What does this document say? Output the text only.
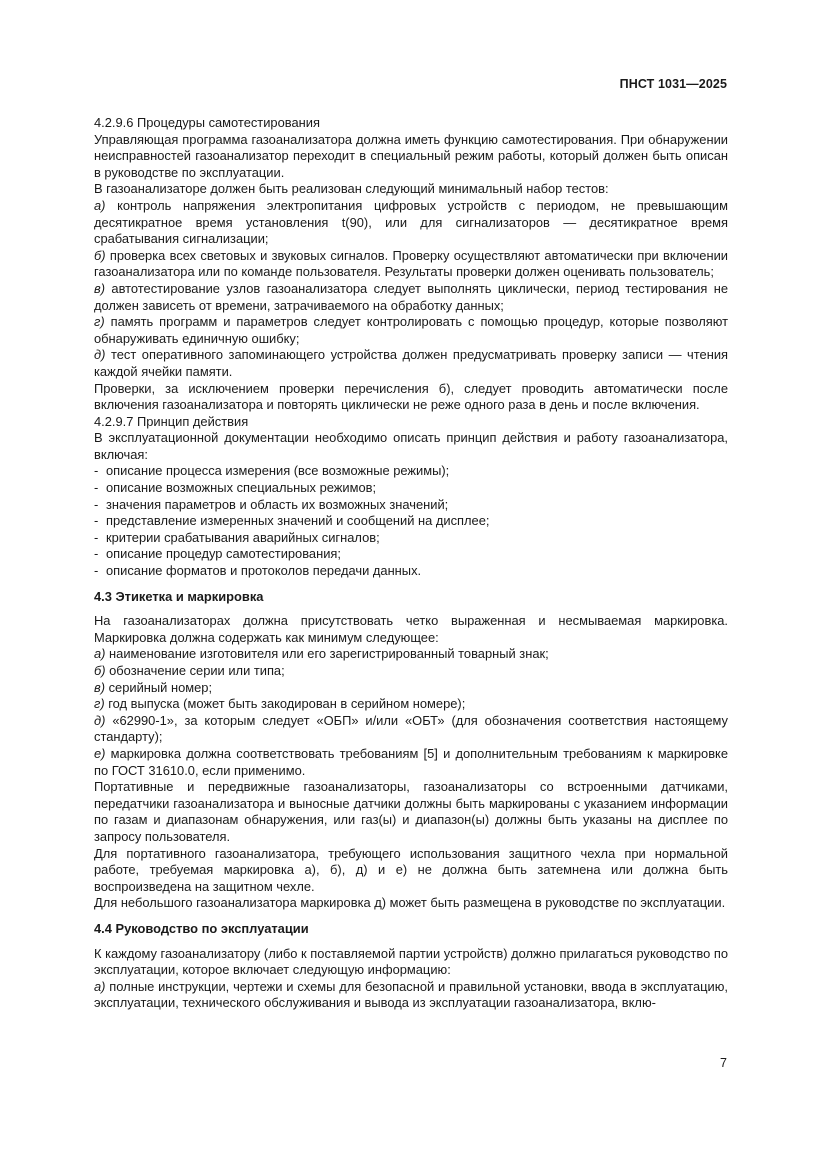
ПНСТ 1031—2025
4.2.9.6 Процедуры самотестирования
Управляющая программа газоанализатора должна иметь функцию самотестирования. При обнаружении неисправностей газоанализатор переходит в специальный режим работы, который должен быть описан в руководстве по эксплуатации.
В газоанализаторе должен быть реализован следующий минимальный набор тестов:
а) контроль напряжения электропитания цифровых устройств с периодом, не превышающим десятикратное время установления t(90), или для сигнализаторов — десятикратное время срабатывания сигнализации;
б) проверка всех световых и звуковых сигналов. Проверку осуществляют автоматически при включении газоанализатора или по команде пользователя. Результаты проверки должен оценивать пользователь;
в) автотестирование узлов газоанализатора следует выполнять циклически, период тестирования не должен зависеть от времени, затрачиваемого на обработку данных;
г) память программ и параметров следует контролировать с помощью процедур, которые позволяют обнаруживать единичную ошибку;
д) тест оперативного запоминающего устройства должен предусматривать проверку записи — чтения каждой ячейки памяти.
Проверки, за исключением проверки перечисления б), следует проводить автоматически после включения газоанализатора и повторять циклически не реже одного раза в день и после включения.
4.2.9.7 Принцип действия
В эксплуатационной документации необходимо описать принцип действия и работу газоанализатора, включая:
- описание процесса измерения (все возможные режимы);
- описание возможных специальных режимов;
- значения параметров и область их возможных значений;
- представление измеренных значений и сообщений на дисплее;
- критерии срабатывания аварийных сигналов;
- описание процедур самотестирования;
- описание форматов и протоколов передачи данных.
4.3 Этикетка и маркировка
На газоанализаторах должна присутствовать четко выраженная и несмываемая маркировка. Маркировка должна содержать как минимум следующее:
а) наименование изготовителя или его зарегистрированный товарный знак;
б) обозначение серии или типа;
в) серийный номер;
г) год выпуска (может быть закодирован в серийном номере);
д) «62990-1», за которым следует «ОБП» и/или «ОБТ» (для обозначения соответствия настоящему стандарту);
е) маркировка должна соответствовать требованиям [5] и дополнительным требованиям к маркировке по ГОСТ 31610.0, если применимо.
Портативные и передвижные газоанализаторы, газоанализаторы со встроенными датчиками, передатчики газоанализатора и выносные датчики должны быть маркированы с указанием информации по газам и диапазонам обнаружения, или газ(ы) и диапазон(ы) должны быть указаны на дисплее по запросу пользователя.
Для портативного газоанализатора, требующего использования защитного чехла при нормальной работе, требуемая маркировка а), б), д) и е) не должна быть затемнена или должна быть воспроизведена на защитном чехле.
Для небольшого газоанализатора маркировка д) может быть размещена в руководстве по эксплуатации.
4.4 Руководство по эксплуатации
К каждому газоанализатору (либо к поставляемой партии устройств) должно прилагаться руководство по эксплуатации, которое включает следующую информацию:
а) полные инструкции, чертежи и схемы для безопасной и правильной установки, ввода в эксплуатацию, эксплуатации, технического обслуживания и вывода из эксплуатации газоанализатора, вклю-
7
